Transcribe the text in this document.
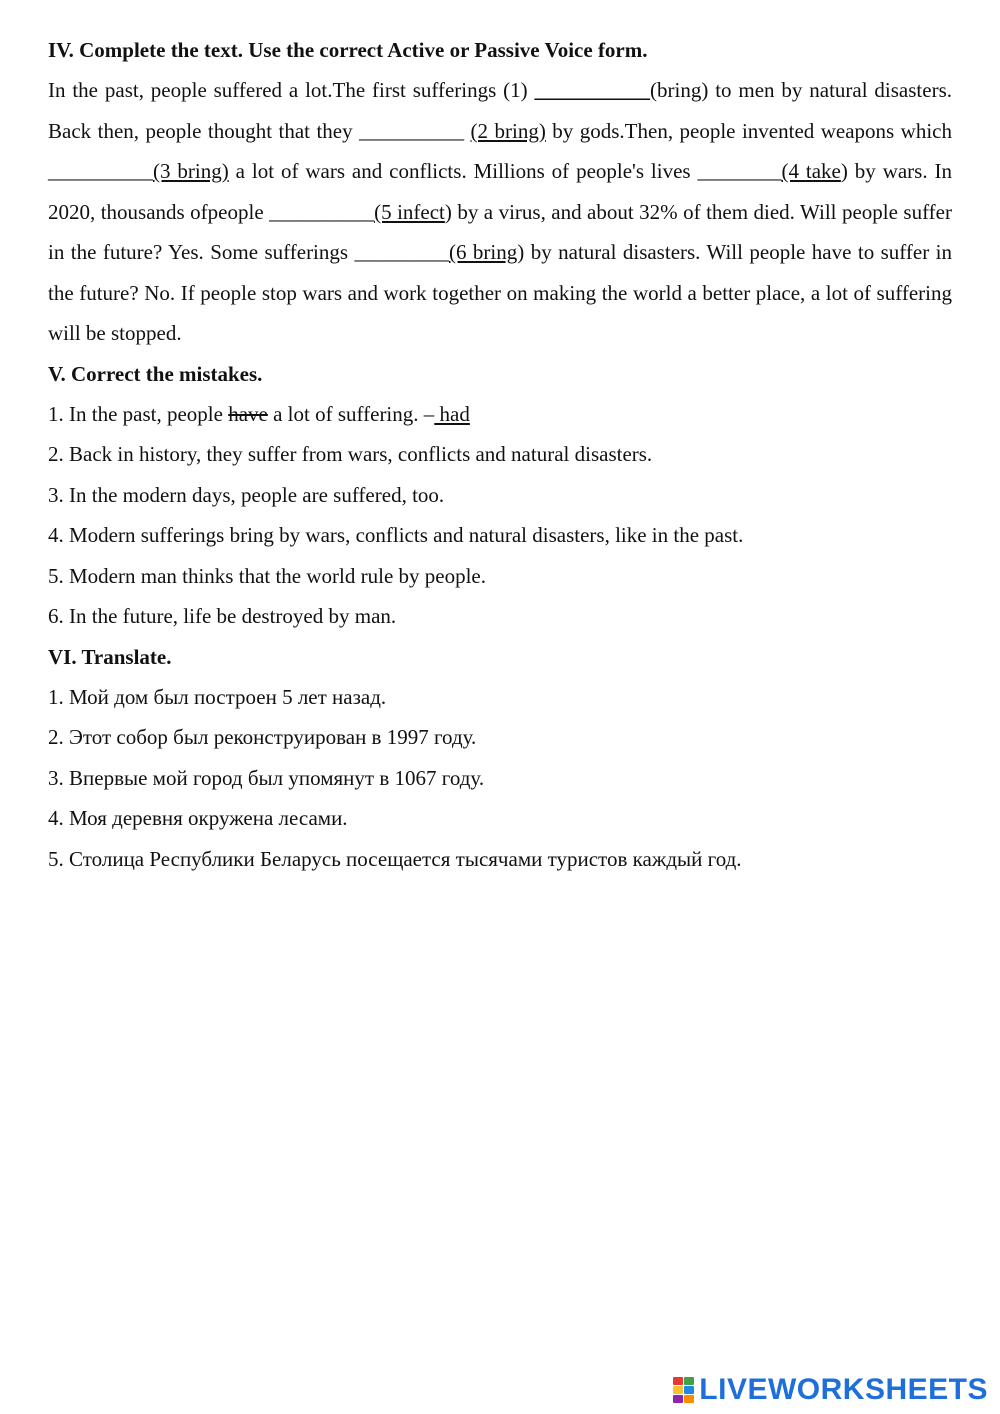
IV. Complete the text. Use the correct Active or Passive Voice form.

In the past, people suffered a lot.The first sufferings (1) ___________(bring) to men by natural disasters. Back then, people thought that they __________ (2 bring) by gods.Then, people invented weapons which __________(3 bring) a lot of wars and conflicts. Millions of people's lives ________(4 take) by wars. In 2020, thousands ofpeople __________(5 infect) by a virus, and about 32% of them died. Will people suffer in the future? Yes. Some sufferings _________(6 bring) by natural disasters. Will people have to suffer in the future? No. If people stop wars and work together on making the world a better place, a lot of suffering will be stopped.

V. Correct the mistakes.
1. In the past, people have a lot of suffering. – had
2. Back in history, they suffer from wars, conflicts and natural disasters.
3. In the modern days, people are suffered, too.
4. Modern sufferings bring by wars, conflicts and natural disasters, like in the past.
5. Modern man thinks that the world rule by people.
6. In the future, life be destroyed by man.
VI. Translate.
1. Мой дом был построен 5 лет назад.
2. Этот собор был реконструирован в 1997 году.
3. Впервые мой город был упомянут в 1067 году.
4. Моя деревня окружена лесами.
5. Столица Республики Беларусь посещается тысячами туристов каждый год.
LIVEWORKSHEETS
